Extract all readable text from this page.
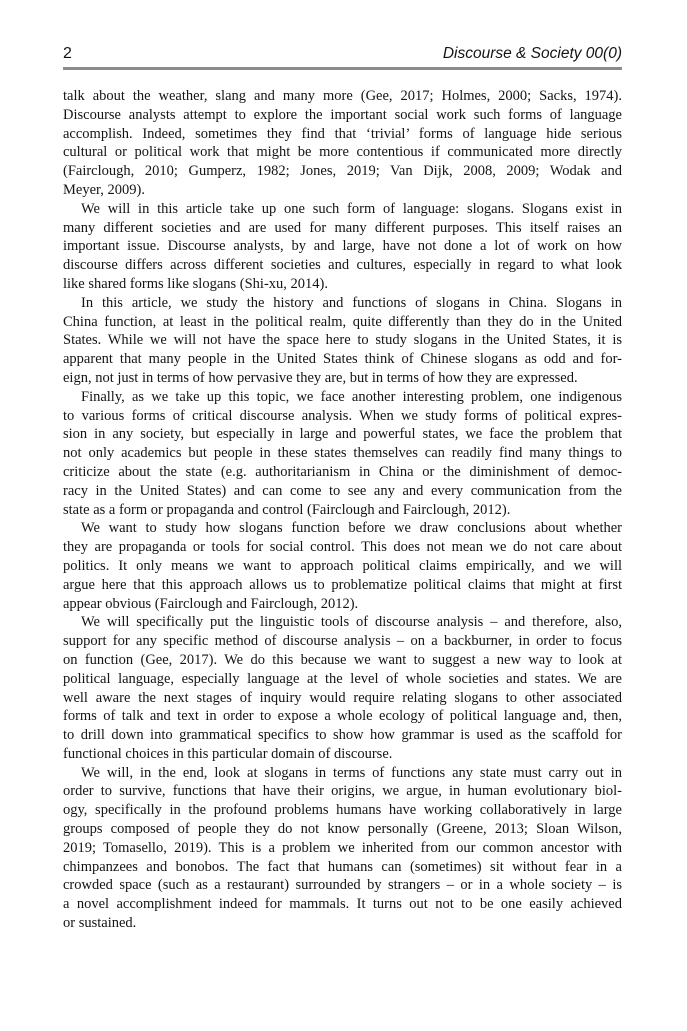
2	Discourse & Society 00(0)
talk about the weather, slang and many more (Gee, 2017; Holmes, 2000; Sacks, 1974).
Discourse analysts attempt to explore the important social work such forms of language
accomplish. Indeed, sometimes they find that ‘trivial’ forms of language hide serious
cultural or political work that might be more contentious if communicated more directly
(Fairclough, 2010; Gumperz, 1982; Jones, 2019; Van Dijk, 2008, 2009; Wodak and
Meyer, 2009).
We will in this article take up one such form of language: slogans. Slogans exist in
many different societies and are used for many different purposes. This itself raises an
important issue. Discourse analysts, by and large, have not done a lot of work on how
discourse differs across different societies and cultures, especially in regard to what look
like shared forms like slogans (Shi-xu, 2014).
In this article, we study the history and functions of slogans in China. Slogans in
China function, at least in the political realm, quite differently than they do in the United
States. While we will not have the space here to study slogans in the United States, it is
apparent that many people in the United States think of Chinese slogans as odd and for-
eign, not just in terms of how pervasive they are, but in terms of how they are expressed.
Finally, as we take up this topic, we face another interesting problem, one indigenous
to various forms of critical discourse analysis. When we study forms of political expres-
sion in any society, but especially in large and powerful states, we face the problem that
not only academics but people in these states themselves can readily find many things to
criticize about the state (e.g. authoritarianism in China or the diminishment of democ-
racy in the United States) and can come to see any and every communication from the
state as a form or propaganda and control (Fairclough and Fairclough, 2012).
We want to study how slogans function before we draw conclusions about whether
they are propaganda or tools for social control. This does not mean we do not care about
politics. It only means we want to approach political claims empirically, and we will
argue here that this approach allows us to problematize political claims that might at first
appear obvious (Fairclough and Fairclough, 2012).
We will specifically put the linguistic tools of discourse analysis – and therefore, also,
support for any specific method of discourse analysis – on a backburner, in order to focus
on function (Gee, 2017). We do this because we want to suggest a new way to look at
political language, especially language at the level of whole societies and states. We are
well aware the next stages of inquiry would require relating slogans to other associated
forms of talk and text in order to expose a whole ecology of political language and, then,
to drill down into grammatical specifics to show how grammar is used as the scaffold for
functional choices in this particular domain of discourse.
We will, in the end, look at slogans in terms of functions any state must carry out in
order to survive, functions that have their origins, we argue, in human evolutionary biol-
ogy, specifically in the profound problems humans have working collaboratively in large
groups composed of people they do not know personally (Greene, 2013; Sloan Wilson,
2019; Tomasello, 2019). This is a problem we inherited from our common ancestor with
chimpanzees and bonobos. The fact that humans can (sometimes) sit without fear in a
crowded space (such as a restaurant) surrounded by strangers – or in a whole society – is
a novel accomplishment indeed for mammals. It turns out not to be one easily achieved
or sustained.
